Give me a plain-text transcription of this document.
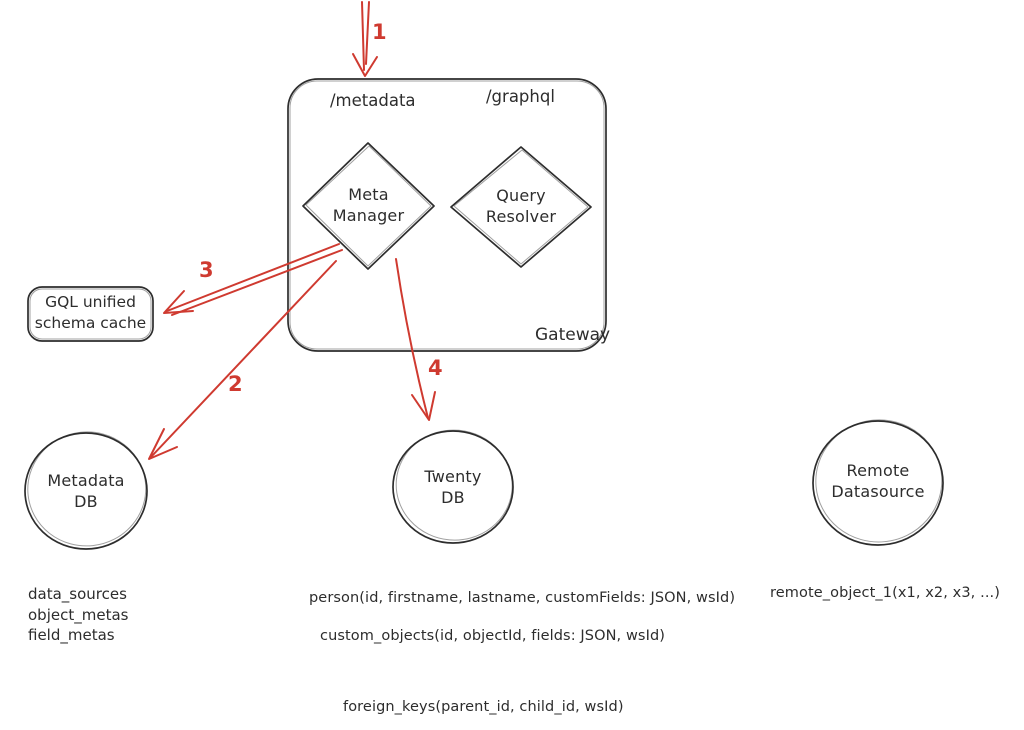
1
2
3
4
/metadata	/graphql
Gateway
Meta
Manager
Query
Resolver
GQL unified
schema cache
Metadata
DB
Twenty
DB
Remote
Datasource
data_sources
object_metas
field_metas
person(id, firstname, lastname, customFields: JSON, wsId)
custom_objects(id, objectId, fields: JSON, wsId)
foreign_keys(parent_id, child_id, wsId)
remote_object_1(x1, x2, x3, ...)
